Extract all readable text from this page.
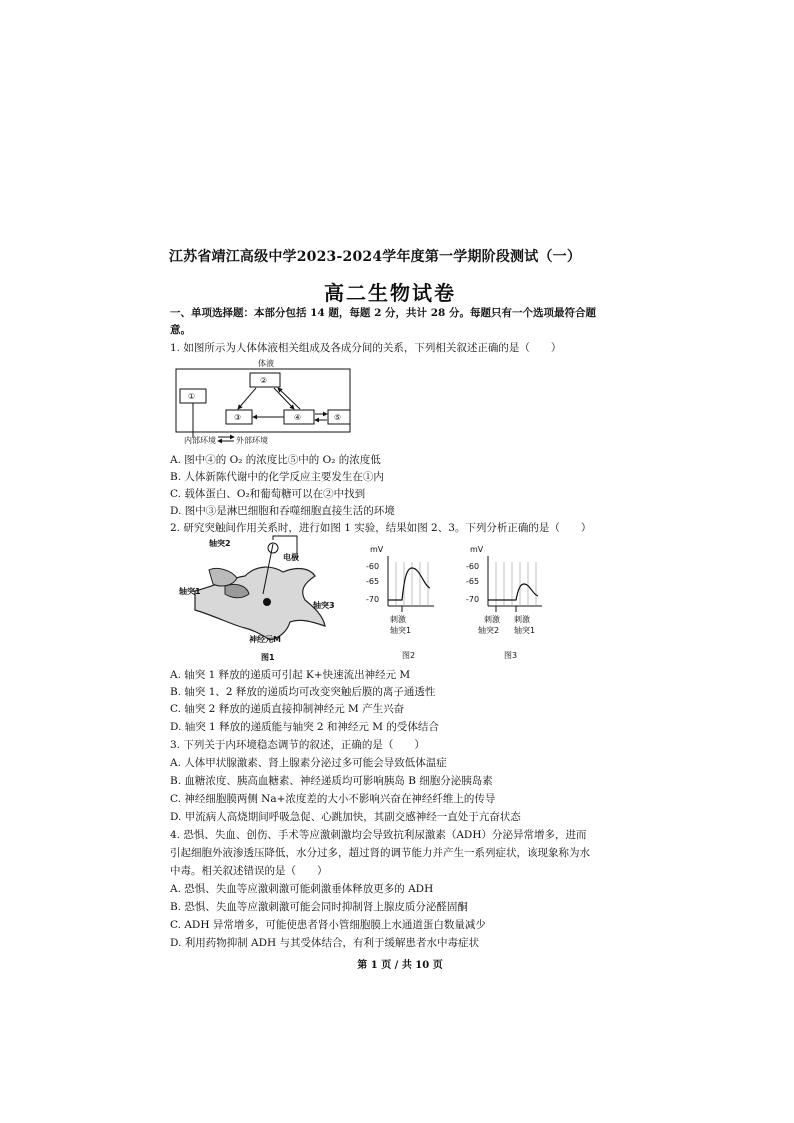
江苏省靖江高级中学2023-2024学年度第一学期阶段测试（一）
高二生物试卷
一、单项选择题：本部分包括 14 题，每题 2 分，共计 28 分。每题只有一个选项最符合题
意。
1. 如图所示为人体体液相关组成及各成分间的关系，下列相关叙述正确的是（　　）
体液
①
②
③	④	⑤
内部环境	外部环境
A. 图中④的 O₂ 的浓度比⑤中的 O₂ 的浓度低
B. 人体新陈代谢中的化学反应主要发生在①内
C. 载体蛋白、O₂和葡萄糖可以在②中找到
D. 图中③是淋巴细胞和吞噬细胞直接生活的环境
2. 研究突触间作用关系时，进行如图 1 实验，结果如图 2、3。下列分析正确的是（　　）
轴突2
电极
轴突1
轴突3
神经元M
图1
mV
-60
-65
-70
刺激
轴突1
图2
mV
-60
-65
-70
刺激
轴突2
刺激
轴突1
图3
A. 轴突 1 释放的递质可引起 K+快速流出神经元 M
B. 轴突 1、2 释放的递质均可改变突触后膜的离子通透性
C. 轴突 2 释放的递质直接抑制神经元 M 产生兴奋
D. 轴突 1 释放的递质能与轴突 2 和神经元 M 的受体结合
3. 下列关于内环境稳态调节的叙述，正确的是（　　）
A. 人体甲状腺激素、肾上腺素分泌过多可能会导致低体温症
B. 血糖浓度、胰高血糖素、神经递质均可影响胰岛 B 细胞分泌胰岛素
C. 神经细胞膜两侧 Na+浓度差的大小不影响兴奋在神经纤维上的传导
D. 甲流病人高烧期间呼吸急促、心跳加快，其副交感神经一直处于亢奋状态
4. 恐惧、失血、创伤、手术等应激刺激均会导致抗利尿激素（ADH）分泌异常增多，进而
引起细胞外液渗透压降低，水分过多，超过肾的调节能力并产生一系列症状，该现象称为水
中毒。相关叙述错误的是（　　）
A. 恐惧、失血等应激刺激可能刺激垂体释放更多的 ADH
B. 恐惧、失血等应激刺激可能会同时抑制肾上腺皮质分泌醛固酮
C. ADH 异常增多，可能使患者肾小管细胞膜上水通道蛋白数量减少
D. 利用药物抑制 ADH 与其受体结合，有利于缓解患者水中毒症状
第 1 页 / 共 10 页
